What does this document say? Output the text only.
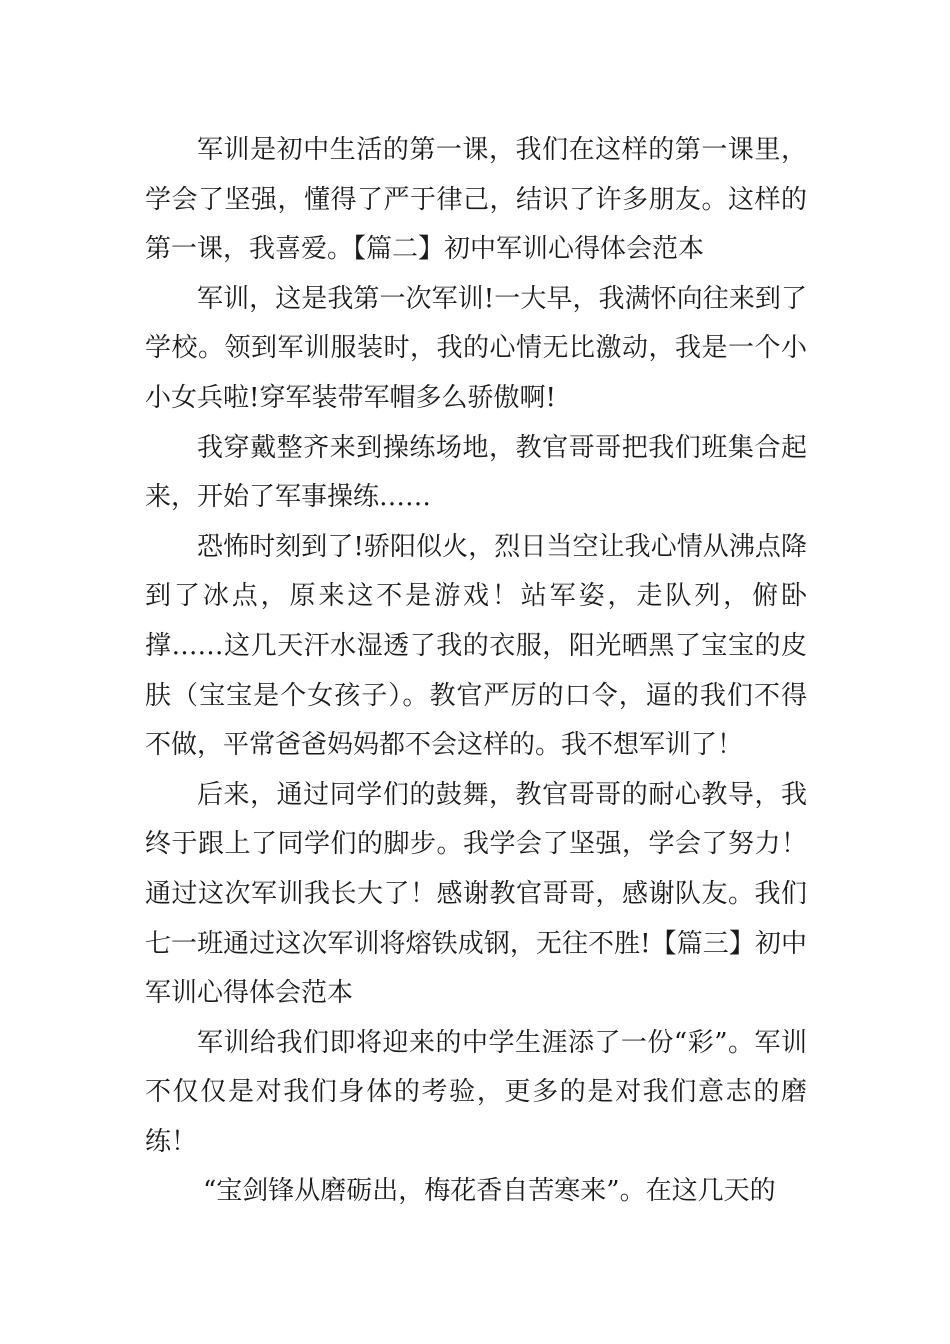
军训是初中生活的第一课，我们在这样的第一课里，学会了坚强，懂得了严于律己，结识了许多朋友。这样的第一课，我喜爱。【篇二】初中军训心得体会范本

军训，这是我第一次军训!一大早，我满怀向往来到了学校。领到军训服装时，我的心情无比激动，我是一个小小女兵啦!穿军装带军帽多么骄傲啊!

我穿戴整齐来到操练场地，教官哥哥把我们班集合起来，开始了军事操练……

恐怖时刻到了!骄阳似火，烈日当空让我心情从沸点降到了冰点，原来这不是游戏！站军姿，走队列，俯卧撑……这几天汗水湿透了我的衣服，阳光晒黑了宝宝的皮肤（宝宝是个女孩子）。教官严厉的口令，逼的我们不得不做，平常爸爸妈妈都不会这样的。我不想军训了！

后来，通过同学们的鼓舞，教官哥哥的耐心教导，我终于跟上了同学们的脚步。我学会了坚强，学会了努力！通过这次军训我长大了！感谢教官哥哥，感谢队友。我们七一班通过这次军训将熔铁成钢，无往不胜!【篇三】初中军训心得体会范本

军训给我们即将迎来的中学生涯添了一份“彩”。军训不仅仅是对我们身体的考验，更多的是对我们意志的磨练！

“宝剑锋从磨砺出，梅花香自苦寒来”。在这几天的
